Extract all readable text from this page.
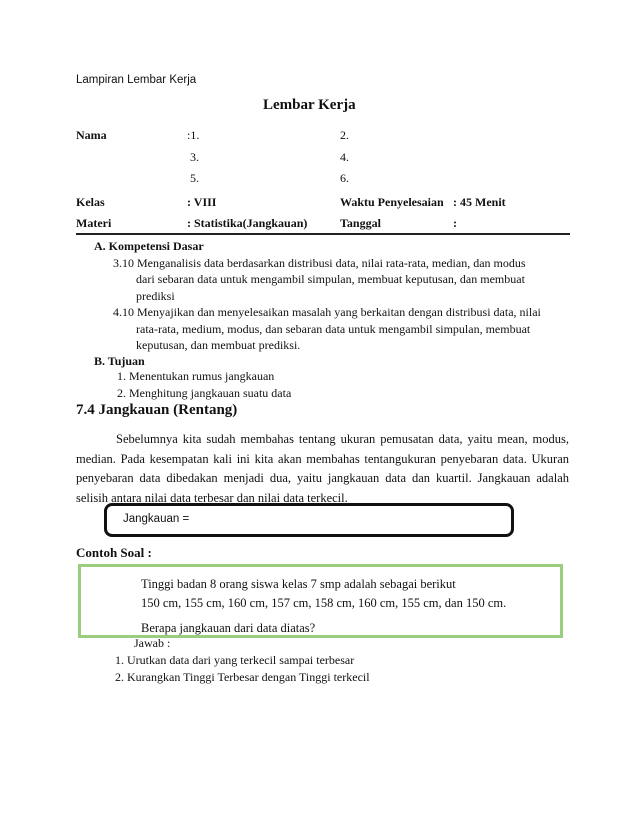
Lampiran Lembar Kerja
Lembar Kerja
Nama	:1.	2.
3.	4.
5.	6.
Kelas	: VIII	Waktu Penyelesaian : 45 Menit
Materi	: Statistika(Jangkauan)	Tanggal	:
A. Kompetensi Dasar
3.10 Menganalisis data berdasarkan distribusi data, nilai rata-rata, median, dan modus
dari sebaran data untuk mengambil simpulan, membuat keputusan, dan membuat
prediksi
4.10 Menyajikan dan menyelesaikan masalah yang berkaitan dengan distribusi data, nilai
rata-rata, medium, modus, dan sebaran data untuk mengambil simpulan, membuat
keputusan, dan membuat prediksi.
B. Tujuan
1. Menentukan rumus jangkauan
2. Menghitung jangkauan suatu data
7.4 Jangkauan (Rentang)

Sebelumnya kita sudah membahas tentang ukuran pemusatan data, yaitu mean, modus, median. Pada kesempatan kali ini kita akan membahas tentangukuran penyebaran data. Ukuran penyebaran data dibedakan menjadi dua, yaitu jangkauan data dan kuartil. Jangkauan adalah selisih antara nilai data terbesar dan nilai data terkecil.

Jangkauan =
Contoh Soal :
Tinggi badan 8 orang siswa kelas 7 smp adalah sebagai berikut
150 cm, 155 cm, 160 cm, 157 cm, 158 cm, 160 cm, 155 cm, dan 150 cm.
Berapa jangkauan dari data diatas?
Jawab :
1. Urutkan data dari yang terkecil sampai terbesar
2. Kurangkan Tinggi Terbesar dengan Tinggi terkecil
